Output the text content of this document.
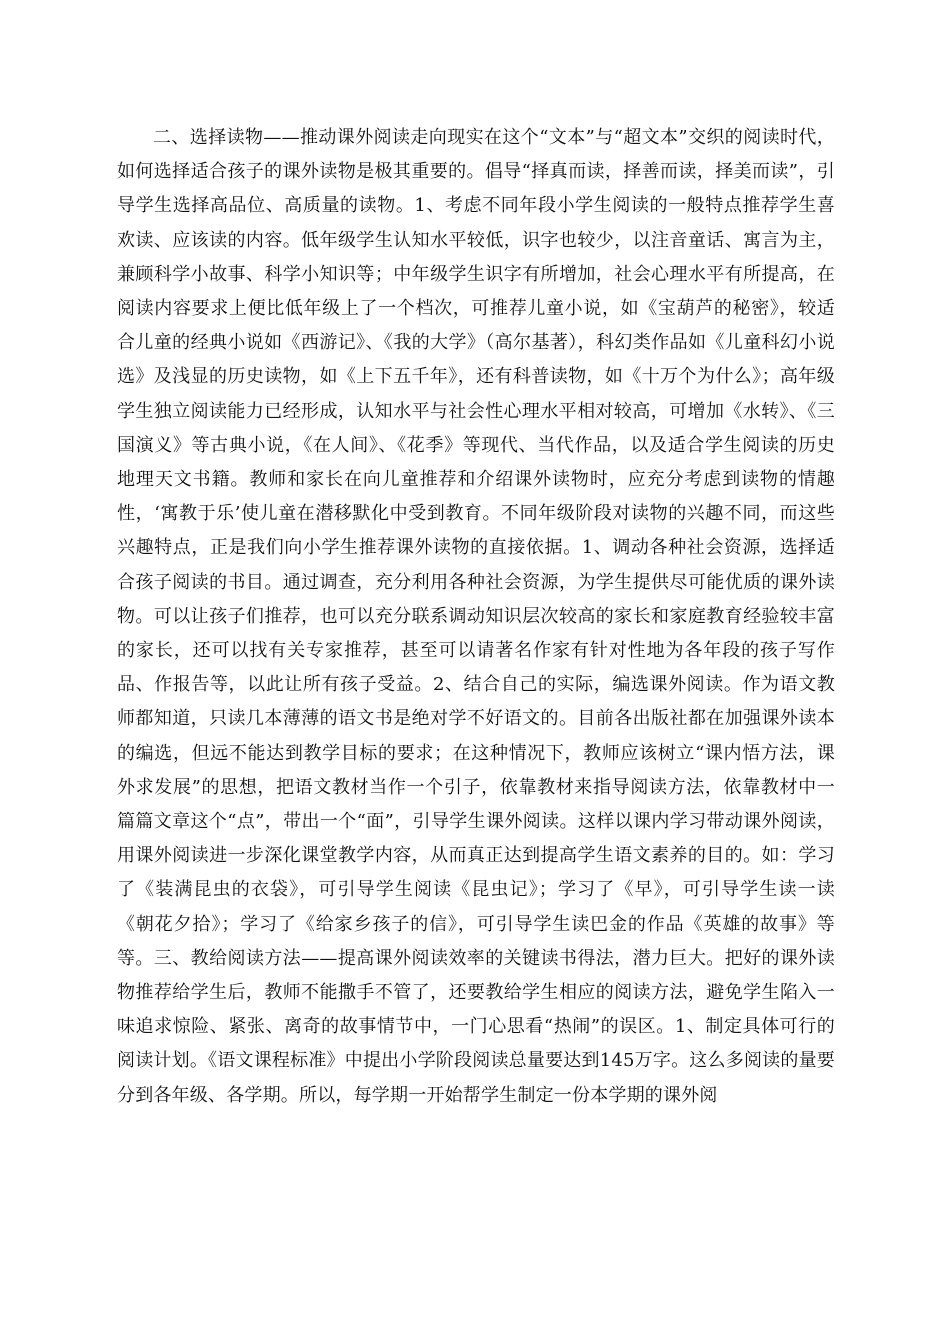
二、选择读物——推动课外阅读走向现实在这个“文本”与“超文本”交织的阅读时代，如何选择适合孩子的课外读物是极其重要的。倡导“择真而读，择善而读，择美而读”，引导学生选择高品位、高质量的读物。1、考虑不同年段小学生阅读的一般特点推荐学生喜欢读、应该读的内容。低年级学生认知水平较低，识字也较少，以注音童话、寓言为主，兼顾科学小故事、科学小知识等；中年级学生识字有所增加，社会心理水平有所提高，在阅读内容要求上便比低年级上了一个档次，可推荐儿童小说，如《宝葫芦的秘密》，较适合儿童的经典小说如《西游记》、《我的大学》（高尔基著），科幻类作品如《儿童科幻小说选》及浅显的历史读物，如《上下五千年》，还有科普读物，如《十万个为什么》；高年级学生独立阅读能力已经形成，认知水平与社会性心理水平相对较高，可增加《水转》、《三国演义》等古典小说，《在人间》、《花季》等现代、当代作品，以及适合学生阅读的历史地理天文书籍。教师和家长在向儿童推荐和介绍课外读物时，应充分考虑到读物的情趣性，‘寓教于乐’使儿童在潜移默化中受到教育。不同年级阶段对读物的兴趣不同，而这些兴趣特点，正是我们向小学生推荐课外读物的直接依据。1、调动各种社会资源，选择适合孩子阅读的书目。通过调查，充分利用各种社会资源，为学生提供尽可能优质的课外读物。可以让孩子们推荐，也可以充分联系调动知识层次较高的家长和家庭教育经验较丰富的家长，还可以找有关专家推荐，甚至可以请著名作家有针对性地为各年段的孩子写作品、作报告等，以此让所有孩子受益。2、结合自己的实际，编选课外阅读。作为语文教师都知道，只读几本薄薄的语文书是绝对学不好语文的。目前各出版社都在加强课外读本的编选，但远不能达到教学目标的要求；在这种情况下，教师应该树立“课内悟方法，课外求发展”的思想，把语文教材当作一个引子，依靠教材来指导阅读方法，依靠教材中一篇篇文章这个“点”，带出一个“面”，引导学生课外阅读。这样以课内学习带动课外阅读，用课外阅读进一步深化课堂教学内容，从而真正达到提高学生语文素养的目的。如：学习了《装满昆虫的衣袋》，可引导学生阅读《昆虫记》；学习了《早》，可引导学生读一读《朝花夕拾》；学习了《给家乡孩子的信》，可引导学生读巴金的作品《英雄的故事》等等。三、教给阅读方法——提高课外阅读效率的关键读书得法，潜力巨大。把好的课外读物推荐给学生后，教师不能撒手不管了，还要教给学生相应的阅读方法，避免学生陷入一味追求惊险、紧张、离奇的故事情节中，一门心思看“热闹”的误区。1、制定具体可行的阅读计划。《语文课程标准》中提出小学阶段阅读总量要达到145万字。这么多阅读的量要分到各年级、各学期。所以，每学期一开始帮学生制定一份本学期的课外阅
